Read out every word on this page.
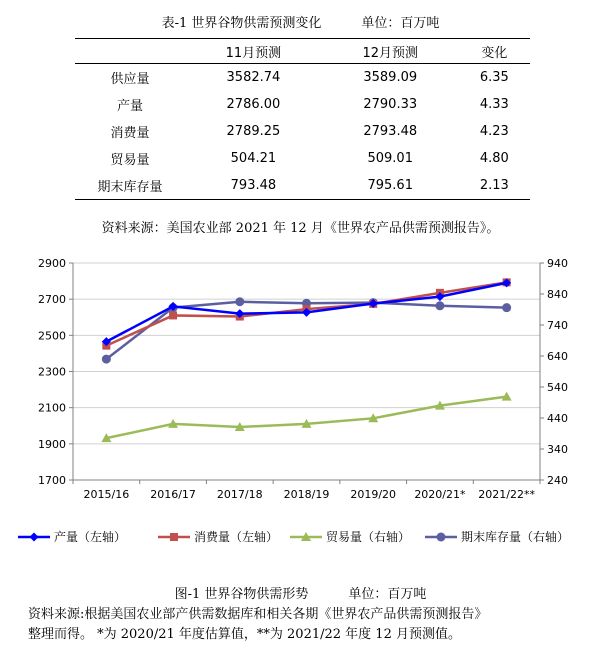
表-1 世界谷物供需预测变化	单位：百万吨
	11月预测	12月预测	变化
供应量	3582.74	3589.09	6.35
产量	2786.00	2790.33	4.33
消费量	2789.25	2793.48	4.23
贸易量	504.21	509.01	4.80
期末库存量	793.48	795.61	2.13
资料来源：美国农业部 2021 年 12 月《世界农产品供需预测报告》。
1700
1900
2100
2300
2500
2700
2900
240
340
440
540
640
740
840
940
2015/16 2016/17 2017/18 2018/19 2019/20 2020/21* 2021/22**
产量（左轴）	消费量（左轴）	贸易量（右轴）	期末库存量（右轴）
图-1 世界谷物供需形势	单位：百万吨
资料来源:根据美国农业部产供需数据库和相关各期《世界农产品供需预测报告》
整理而得。 *为 2020/21 年度估算值，**为 2021/22 年度 12 月预测值。
